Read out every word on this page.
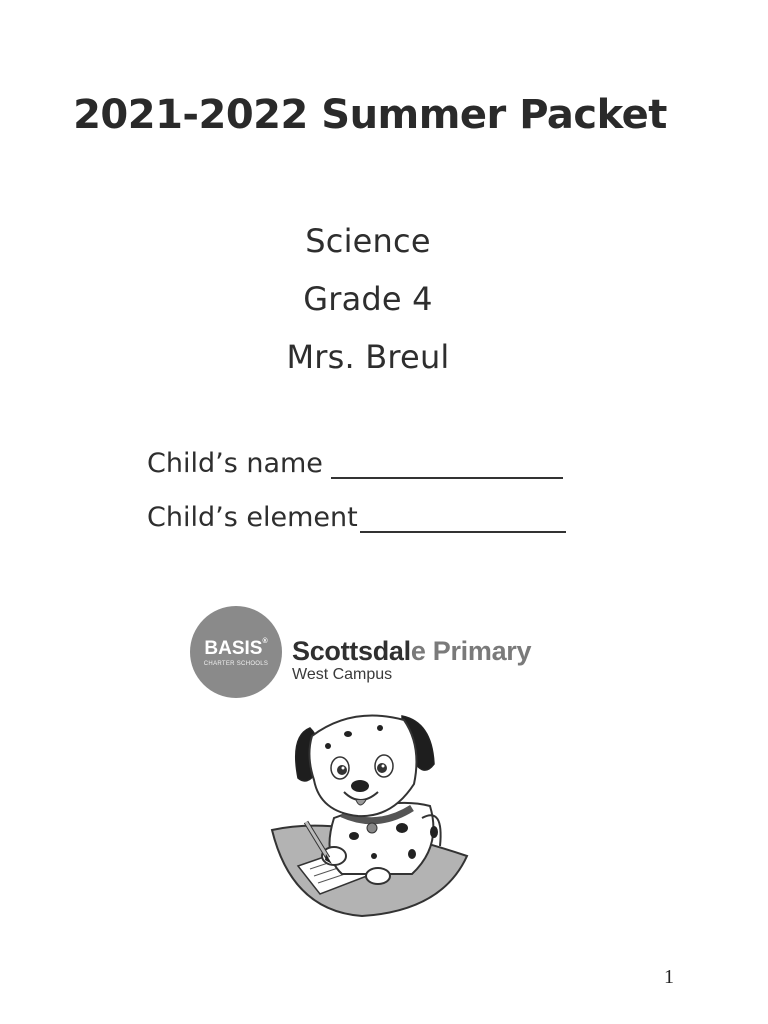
2021-2022 Summer Packet
Science
Grade 4
Mrs. Breul
Child’s name
Child’s element
BASIS®
CHARTER SCHOOLS Scottsdale Primary
West Campus
1
